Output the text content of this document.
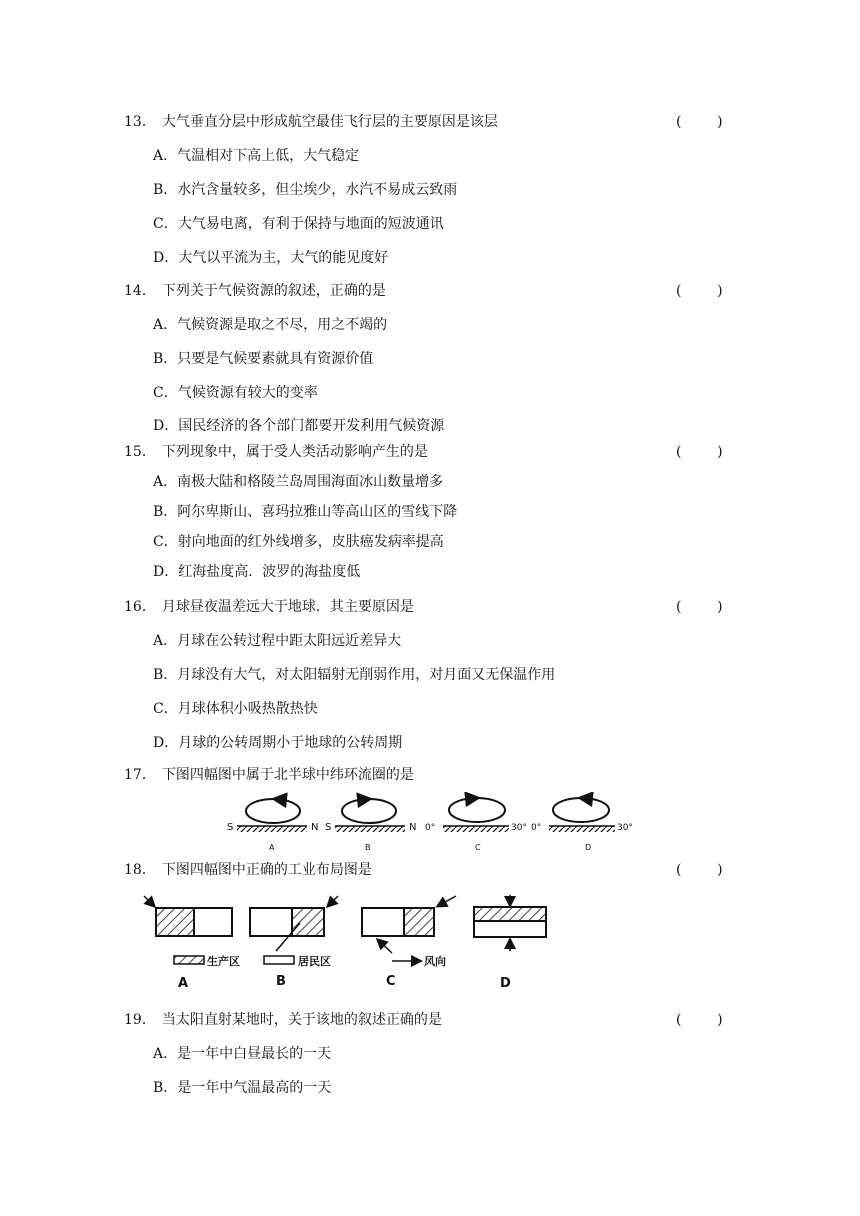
13． 大气垂直分层中形成航空最佳飞行层的主要原因是该层	(        )
A．气温相对下高上低，大气稳定
B．水汽含量较多，但尘埃少，水汽不易成云致雨
C．大气易电离，有利于保持与地面的短波通讯
D．大气以平流为主，大气的能见度好
14． 下列关于气候资源的叙述，正确的是	(        )
A．气候资源是取之不尽，用之不竭的
B．只要是气候要素就具有资源价值
C．气候资源有较大的变率
D．国民经济的各个部门都要开发利用气候资源
15． 下列现象中，属于受人类活动影响产生的是	(        )
A．南极大陆和格陵兰岛周围海面冰山数量增多
B．阿尔卑斯山、喜玛拉雅山等高山区的雪线下降
C．射向地面的红外线增多，皮肤癌发病率提高
D．红海盐度高．波罗的海盐度低
16． 月球昼夜温差远大于地球．其主要原因是	(        )
A．月球在公转过程中距太阳远近差异大
B．月球没有大气，对太阳辐射无削弱作用，对月面又无保温作用
C．月球体积小吸热散热快
D．月球的公转周期小于地球的公转周期
17． 下图四幅图中属于北半球中纬环流圈的是
S	N
A
S	N
B
0°	30°
C
0°	30°
D
18． 下图四幅图中正确的工业布局图是	(        )
生产区	居民区	风向
A	B	C	D
19． 当太阳直射某地时，关于该地的叙述正确的是	(        )
A．是一年中白昼最长的一天
B．是一年中气温最高的一天
